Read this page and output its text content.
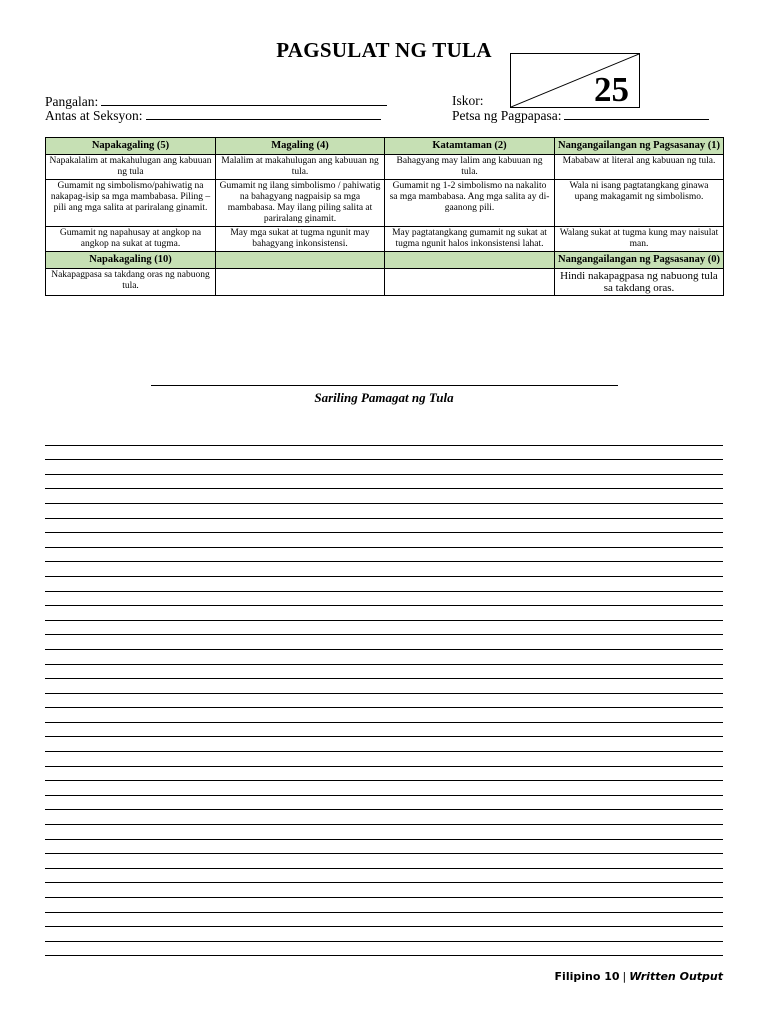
PAGSULAT NG TULA
25
Pangalan:
Antas at Seksyon:
Iskor:
Petsa ng Pagpapasa:
Napakagaling (5)	Magaling (4)	Katamtaman (2)	Nangangailangan ng Pagsasanay (1)
Napakalalim at makahulugan ang kabuuan ng tula	Malalim at makahulugan ang kabuuan ng tula.	Bahagyang may lalim ang kabuuan ng tula.	Mababaw at literal ang kabuuan ng tula.
Gumamit ng simbolismo/pahiwatig na nakapag-isip sa mga mambabasa. Piling – pili ang mga salita at pariralang ginamit.	Gumamit ng ilang simbolismo / pahiwatig na bahagyang nagpaisip sa mga mambabasa. May ilang piling salita at pariralang ginamit.	Gumamit ng 1-2 simbolismo na nakalito sa mga mambabasa. Ang mga salita ay di-gaanong pili.	Wala ni isang pagtatangkang ginawa upang makagamit ng simbolismo.
Gumamit ng napahusay at angkop na angkop na sukat at tugma.	May mga sukat at tugma ngunit may bahagyang inkonsistensi.	May pagtatangkang gumamit ng sukat at tugma ngunit halos inkonsistensi lahat.	Walang sukat at tugma kung may naisulat man.
Napakagaling (10)			Nangangailangan ng Pagsasanay (0)
Nakapagpasa sa takdang oras ng nabuong tula.			Hindi nakapagpasa ng nabuong tula sa takdang oras.
Sariling Pamagat ng Tula
Filipino 10 | Written Output
